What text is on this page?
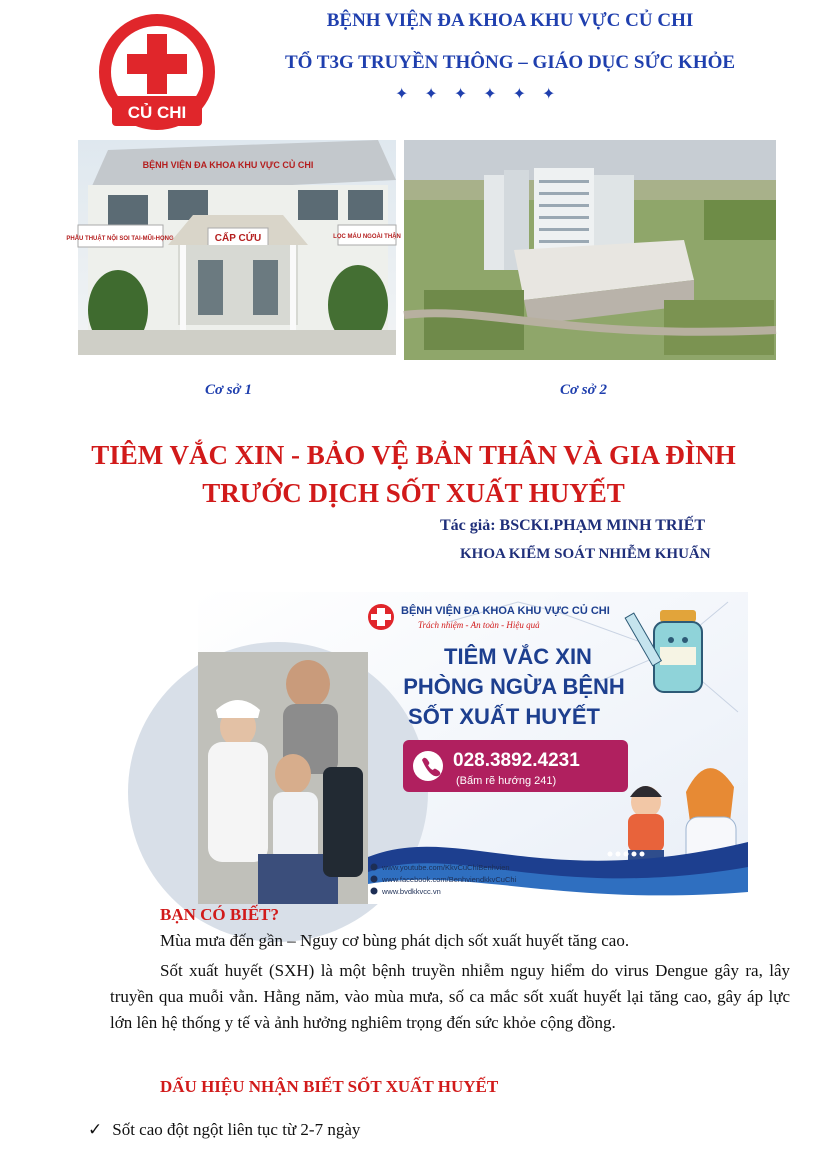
CỦ CHI
BỆNH VIỆN ĐA KHOA KHU VỰC CỦ CHI
TỔ T3G TRUYỀN THÔNG – GIÁO DỤC SỨC KHỎE
✦ ✦ ✦ ✦ ✦ ✦
BỆNH VIỆN ĐA KHOA KHU VỰC CỦ CHI
PHẪU THUẬT NỘI SOI TAI-MŨI-HỌNG	LỌC MÁU NGOÀI THẬN
CẤP CỨU
Cơ sở 1	Cơ sở 2
TIÊM VẮC XIN - BẢO VỆ BẢN THÂN VÀ GIA ĐÌNH
TRƯỚC DỊCH SỐT XUẤT HUYẾT
Tác giả: BSCKI.PHẠM MINH TRIẾT
KHOA KIỂM SOÁT NHIỄM KHUẨN
BỆNH VIỆN ĐA KHOA KHU VỰC CỦ CHI
Trách nhiệm - An toàn - Hiệu quả
TIÊM VẮC XIN
PHÒNG NGỪA BỆNH
SỐT XUẤT HUYẾT
028.3892.4231
(Bấm rẽ hướng 241)
www.youtube.com/KkvCuChiBenhvien
www.facebook.com/BenhviendkkvCuChi
www.bvdkkvcc.vn
BẠN CÓ BIẾT?
Mùa mưa đến gần – Nguy cơ bùng phát dịch sốt xuất huyết tăng cao.
Sốt xuất huyết (SXH) là một bệnh truyền nhiễm nguy hiểm do virus Dengue gây ra, lây truyền qua muỗi vằn. Hằng năm, vào mùa mưa, số ca mắc sốt xuất huyết lại tăng cao, gây áp lực lớn lên hệ thống y tế và ảnh hưởng nghiêm trọng đến sức khỏe cộng đồng.
DẤU HIỆU NHẬN BIẾT SỐT XUẤT HUYẾT
✓ Sốt cao đột ngột liên tục từ 2-7 ngày
